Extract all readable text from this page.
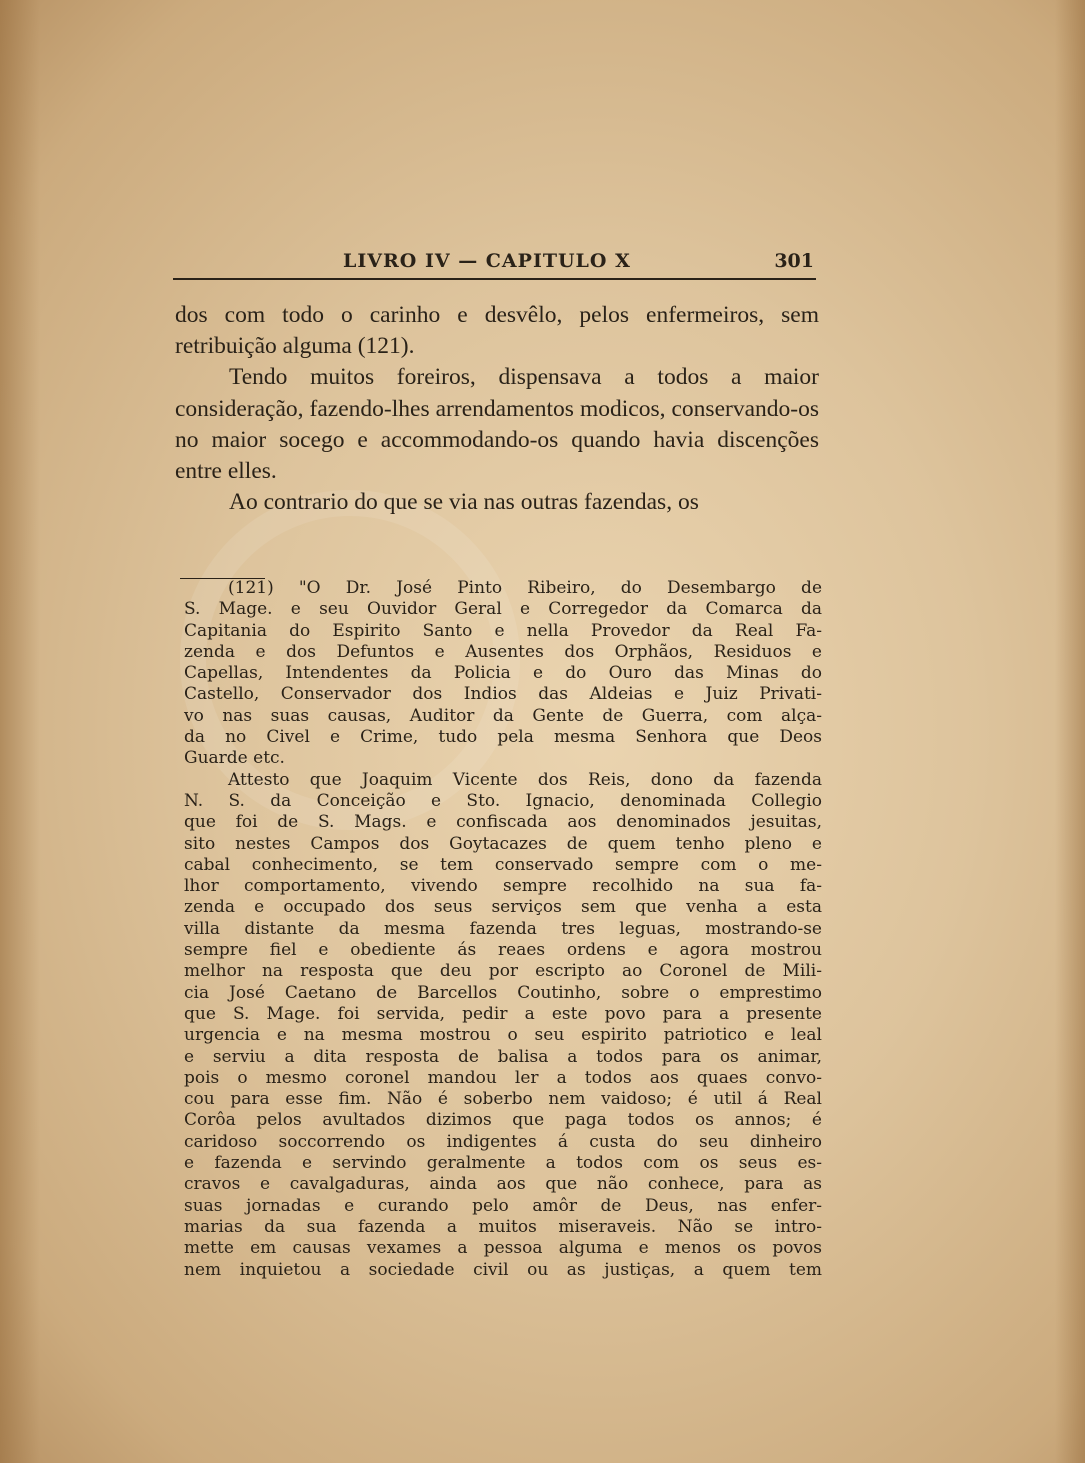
LIVRO IV — CAPITULO X	301

dos com todo o carinho e desvêlo, pelos enfermeiros, sem retribuição alguma (121).

Tendo muitos foreiros, dispensava a todos a maior consideração, fazendo-lhes arrendamentos modicos, conservando-os no maior socego e accommodando-os quando havia discenções entre elles.

Ao contrario do que se via nas outras fazendas, os

(121) "O Dr. José Pinto Ribeiro, do Desembargo de
S. Mage. e seu Ouvidor Geral e Corregedor da Comarca da
Capitania do Espirito Santo e nella Provedor da Real Fa-
zenda e dos Defuntos e Ausentes dos Orphãos, Residuos e
Capellas, Intendentes da Policia e do Ouro das Minas do
Castello, Conservador dos Indios das Aldeias e Juiz Privati-
vo nas suas causas, Auditor da Gente de Guerra, com alça-
da no Civel e Crime, tudo pela mesma Senhora que Deos
Guarde etc.
Attesto que Joaquim Vicente dos Reis, dono da fazenda
N. S. da Conceição e Sto. Ignacio, denominada Collegio
que foi de S. Mags. e confiscada aos denominados jesuitas,
sito nestes Campos dos Goytacazes de quem tenho pleno e
cabal conhecimento, se tem conservado sempre com o me-
lhor comportamento, vivendo sempre recolhido na sua fa-
zenda e occupado dos seus serviços sem que venha a esta
villa distante da mesma fazenda tres leguas, mostrando-se
sempre fiel e obediente ás reaes ordens e agora mostrou
melhor na resposta que deu por escripto ao Coronel de Mili-
cia José Caetano de Barcellos Coutinho, sobre o emprestimo
que S. Mage. foi servida, pedir a este povo para a presente
urgencia e na mesma mostrou o seu espirito patriotico e leal
e serviu a dita resposta de balisa a todos para os animar,
pois o mesmo coronel mandou ler a todos aos quaes convo-
cou para esse fim. Não é soberbo nem vaidoso; é util á Real
Corôa pelos avultados dizimos que paga todos os annos; é
caridoso soccorrendo os indigentes á custa do seu dinheiro
e fazenda e servindo geralmente a todos com os seus es-
cravos e cavalgaduras, ainda aos que não conhece, para as
suas jornadas e curando pelo amôr de Deus, nas enfer-
marias da sua fazenda a muitos miseraveis. Não se intro-
mette em causas vexames a pessoa alguma e menos os povos
nem inquietou a sociedade civil ou as justiças, a quem tem
